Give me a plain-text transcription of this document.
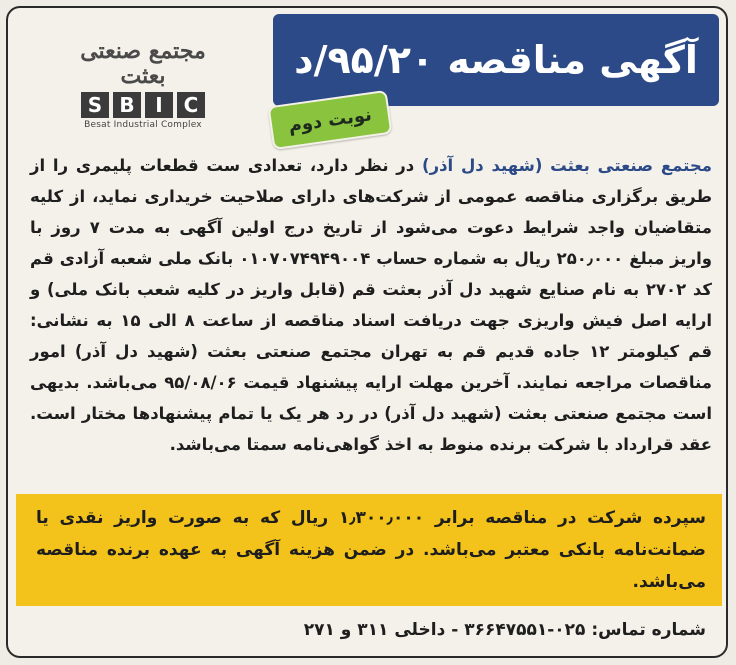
آگهی مناقصه ۹۵/۲۰/د
نوبت دوم
مجتمع صنعتی
بعثت
S B	I	C
Besat Industrial Complex
مجتمع صنعتی بعثت (شهید دل آذر) در نظر دارد، تعدادی ست قطعات پلیمری را از طریق برگزاری مناقصه عمومی از شرکت‌های دارای صلاحیت خریداری نماید، از کلیه متقاضیان واجد شرایط دعوت می‌شود از تاریخ درج اولین آگهی به مدت ۷ روز با واریز مبلغ ۲۵۰٫۰۰۰ ریال به شماره حساب ۰۱۰۷۰۷۴۹۴۹۰۰۴ بانک ملی شعبه آزادی قم کد ۲۷۰۲ به نام صنایع شهید دل آذر بعثت قم (قابل واریز در کلیه شعب بانک ملی) و ارایه اصل فیش واریزی جهت دریافت اسناد مناقصه از ساعت ۸ الی ۱۵ به نشانی: قم کیلومتر ۱۲ جاده قدیم قم به تهران مجتمع صنعتی بعثت (شهید دل آذر) امور مناقصات مراجعه نمایند. آخرین مهلت ارایه پیشنهاد قیمت ۹۵/۰۸/۰۶ می‌باشد. بدیهی است مجتمع صنعتی بعثت (شهید دل آذر) در رد هر یک یا تمام پیشنهادها مختار است. عقد قرارداد با شرکت برنده منوط به اخذ گواهی‌نامه سمتا می‌باشد.
سپرده شرکت در مناقصه برابر ۱٫۳۰۰٫۰۰۰ ریال که به صورت واریز نقدی یا ضمانت‌نامه بانکی معتبر می‌باشد. در ضمن هزینه آگهی به عهده برنده مناقصه می‌باشد.
شماره تماس: ۰۲۵-۳۶۶۴۷۵۵۱ - داخلی ۳۱۱ و ۲۷۱
